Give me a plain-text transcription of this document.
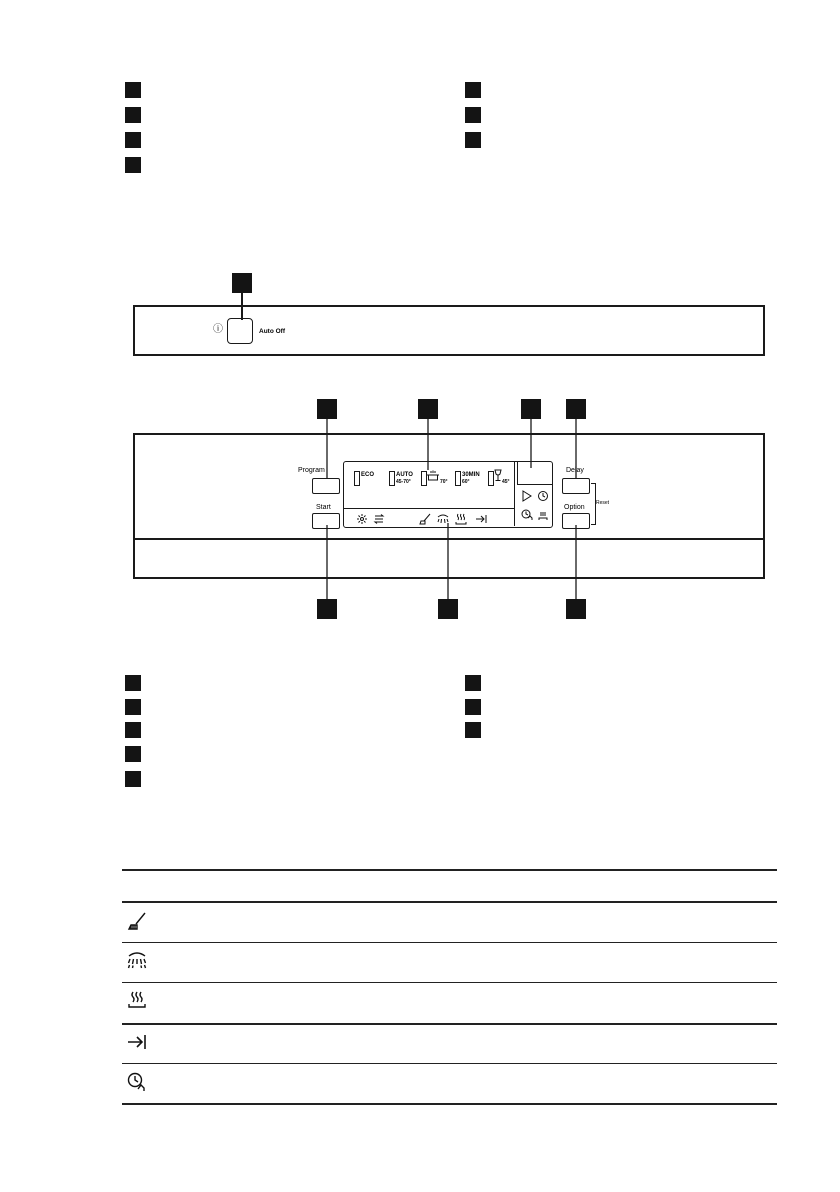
ⓘ	Auto Off
Program
Start
ECO	AUTO
45-70°	70°
30MIN
60°	45°
Delay
Option
Reset
